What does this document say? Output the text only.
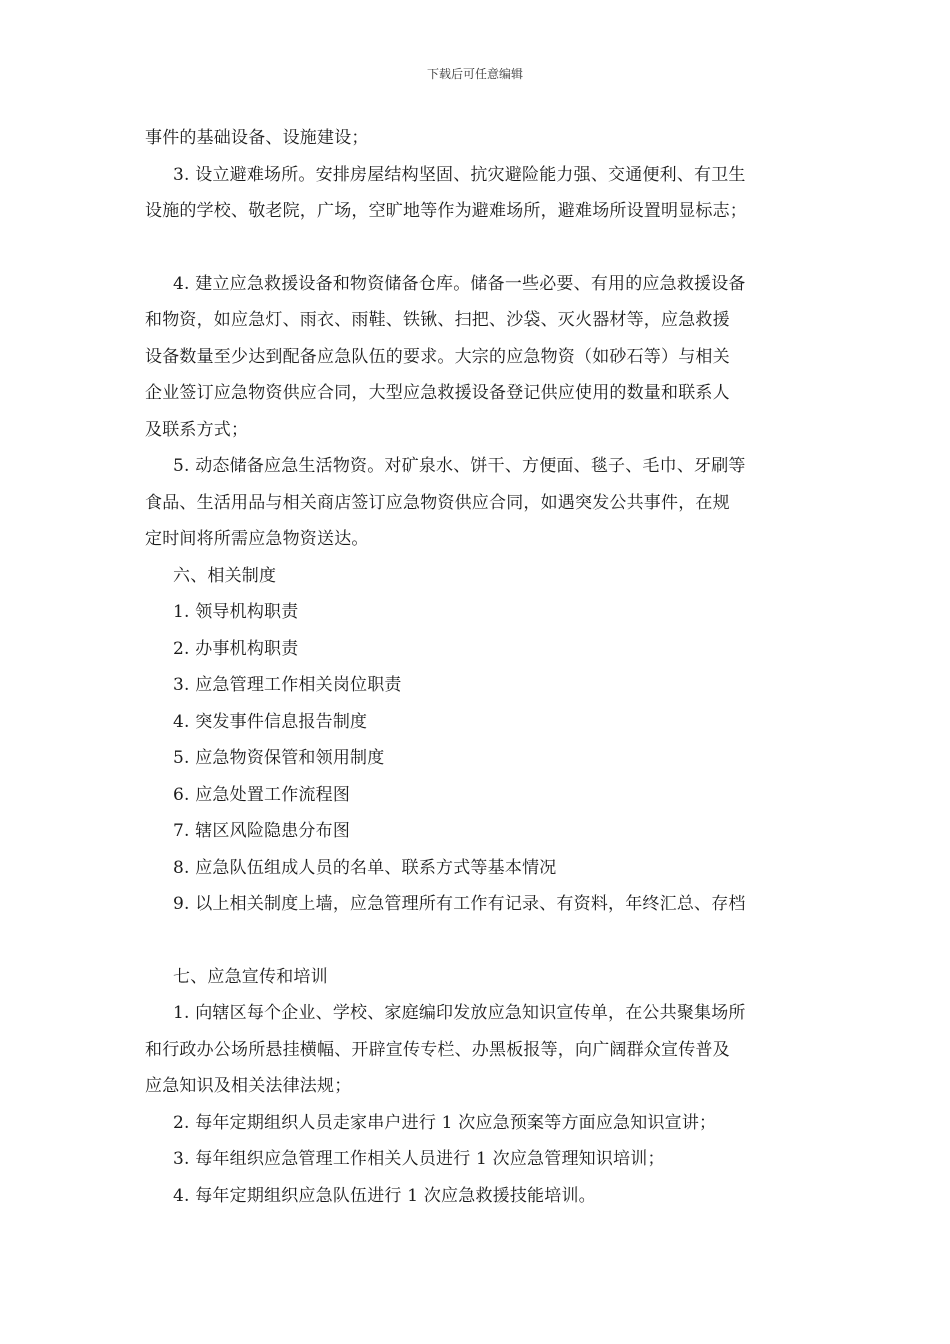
下载后可任意编辑
事件的基础设备、设施建设；
3. 设立避难场所。安排房屋结构坚固、抗灾避险能力强、交通便利、有卫生
设施的学校、敬老院，广场，空旷地等作为避难场所，避难场所设置明显标志；
4. 建立应急救援设备和物资储备仓库。储备一些必要、有用的应急救援设备
和物资，如应急灯、雨衣、雨鞋、铁锹、扫把、沙袋、灭火器材等，应急救援
设备数量至少达到配备应急队伍的要求。大宗的应急物资（如砂石等）与相关
企业签订应急物资供应合同，大型应急救援设备登记供应使用的数量和联系人
及联系方式；
5. 动态储备应急生活物资。对矿泉水、饼干、方便面、毯子、毛巾、牙刷等
食品、生活用品与相关商店签订应急物资供应合同，如遇突发公共事件，在规
定时间将所需应急物资送达。
六、相关制度
1. 领导机构职责
2. 办事机构职责
3. 应急管理工作相关岗位职责
4. 突发事件信息报告制度
5. 应急物资保管和领用制度
6. 应急处置工作流程图
7. 辖区风险隐患分布图
8. 应急队伍组成人员的名单、联系方式等基本情况
9. 以上相关制度上墙，应急管理所有工作有记录、有资料，年终汇总、存档
七、应急宣传和培训
1. 向辖区每个企业、学校、家庭编印发放应急知识宣传单，在公共聚集场所
和行政办公场所悬挂横幅、开辟宣传专栏、办黑板报等，向广阔群众宣传普及
应急知识及相关法律法规；
2. 每年定期组织人员走家串户进行 1 次应急预案等方面应急知识宣讲；
3. 每年组织应急管理工作相关人员进行 1 次应急管理知识培训；
4. 每年定期组织应急队伍进行 1 次应急救援技能培训。
